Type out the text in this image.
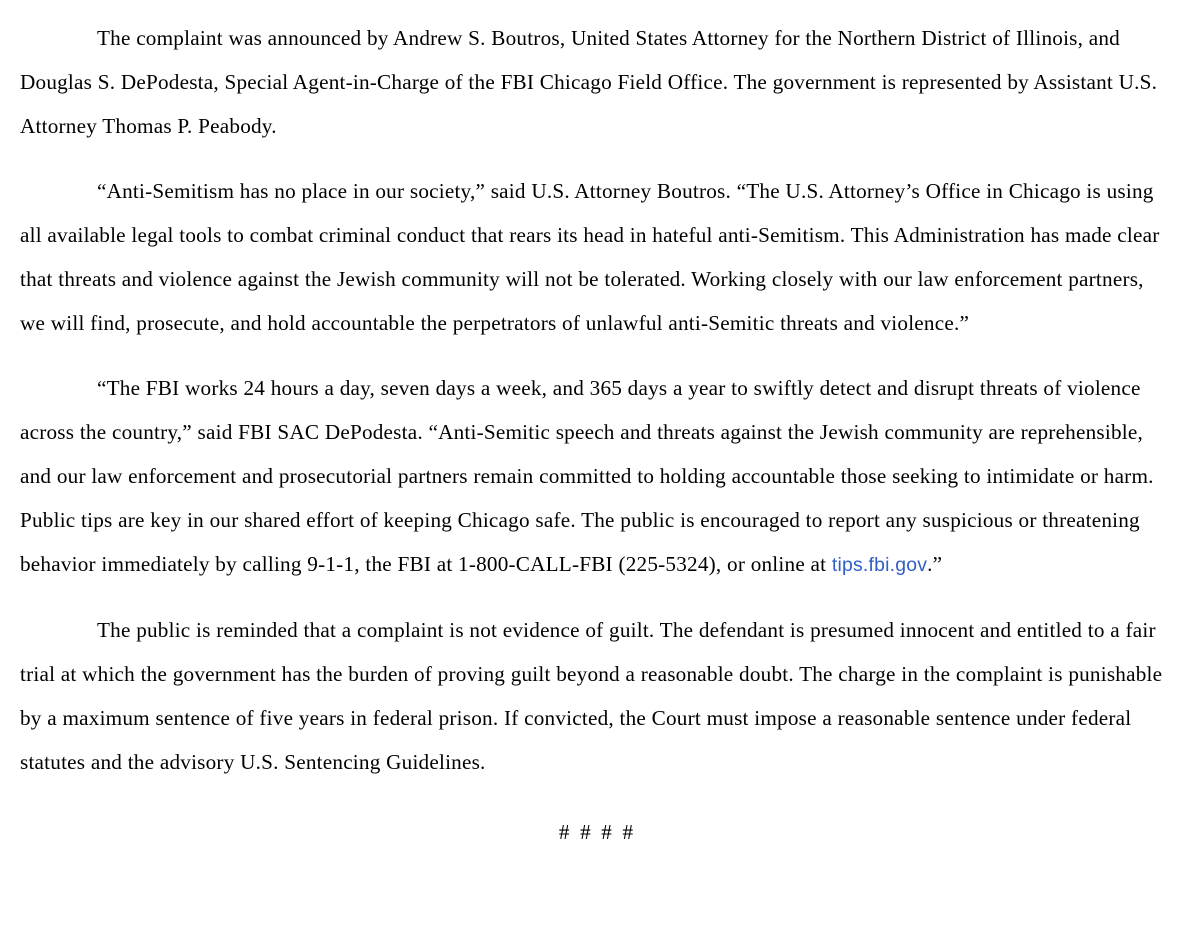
The complaint was announced by Andrew S. Boutros, United States Attorney for the Northern District of Illinois, and Douglas S. DePodesta, Special Agent-in-Charge of the FBI Chicago Field Office. The government is represented by Assistant U.S. Attorney Thomas P. Peabody.

“Anti-Semitism has no place in our society,” said U.S. Attorney Boutros. “The U.S. Attorney’s Office in Chicago is using all available legal tools to combat criminal conduct that rears its head in hateful anti-Semitism. This Administration has made clear that threats and violence against the Jewish community will not be tolerated. Working closely with our law enforcement partners, we will find, prosecute, and hold accountable the perpetrators of unlawful anti-Semitic threats and violence.”

“The FBI works 24 hours a day, seven days a week, and 365 days a year to swiftly detect and disrupt threats of violence across the country,” said FBI SAC DePodesta. “Anti-Semitic speech and threats against the Jewish community are reprehensible, and our law enforcement and prosecutorial partners remain committed to holding accountable those seeking to intimidate or harm. Public tips are key in our shared effort of keeping Chicago safe. The public is encouraged to report any suspicious or threatening behavior immediately by calling 9-1-1, the FBI at 1-800-CALL-FBI (225-5324), or online at tips.fbi.gov.”

The public is reminded that a complaint is not evidence of guilt. The defendant is presumed innocent and entitled to a fair trial at which the government has the burden of proving guilt beyond a reasonable doubt. The charge in the complaint is punishable by a maximum sentence of five years in federal prison. If convicted, the Court must impose a reasonable sentence under federal statutes and the advisory U.S. Sentencing Guidelines.

#  #  #  #
